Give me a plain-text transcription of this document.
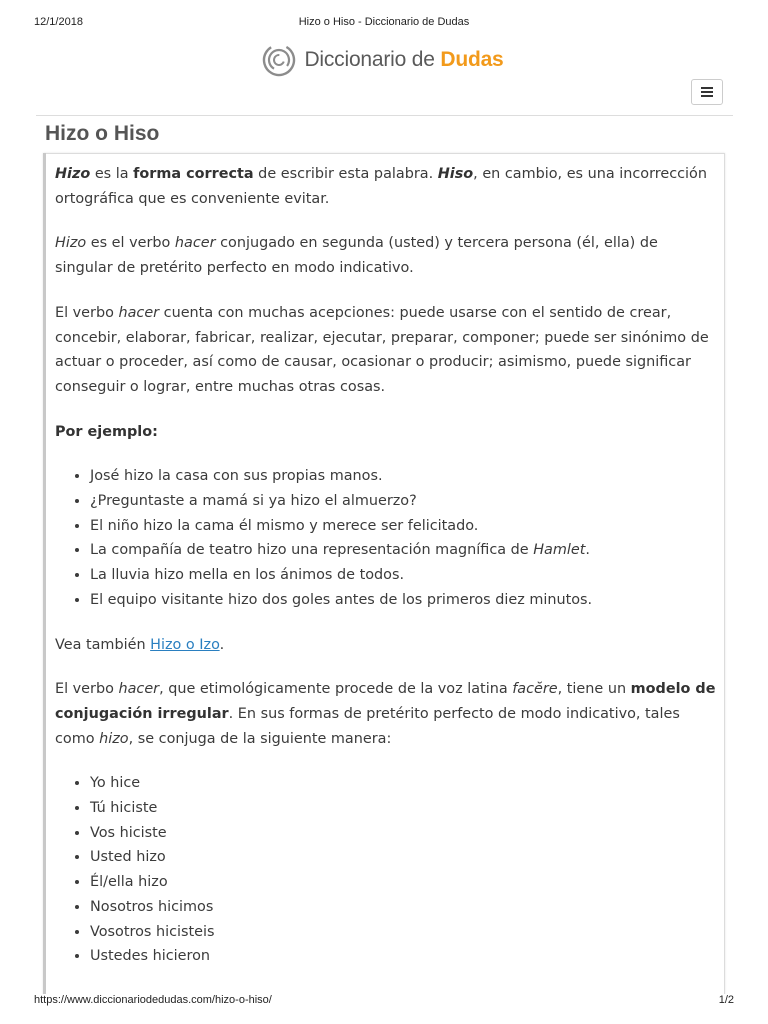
12/1/2018	Hizo o Hiso - Diccionario de Dudas
Diccionario de Dudas
Hizo o Hiso

Hizo es la forma correcta de escribir esta palabra. Hiso, en cambio, es una incorrección ortográfica que es conveniente evitar.

Hizo es el verbo hacer conjugado en segunda (usted) y tercera persona (él, ella) de singular de pretérito perfecto en modo indicativo.

El verbo hacer cuenta con muchas acepciones: puede usarse con el sentido de crear, concebir, elaborar, fabricar, realizar, ejecutar, preparar, componer; puede ser sinónimo de actuar o proceder, así como de causar, ocasionar o producir; asimismo, puede significar conseguir o lograr, entre muchas otras cosas.

Por ejemplo:

• José hizo la casa con sus propias manos.
• ¿Preguntaste a mamá si ya hizo el almuerzo?
• El niño hizo la cama él mismo y merece ser felicitado.
• La compañía de teatro hizo una representación magnífica de Hamlet.
• La lluvia hizo mella en los ánimos de todos.
• El equipo visitante hizo dos goles antes de los primeros diez minutos.

Vea también Hizo o Izo.

El verbo hacer, que etimológicamente procede de la voz latina facĕre, tiene un modelo de conjugación irregular. En sus formas de pretérito perfecto de modo indicativo, tales como hizo, se conjuga de la siguiente manera:

• Yo hice
• Tú hiciste
• Vos hiciste
• Usted hizo
• Él/ella hizo
• Nosotros hicimos
• Vosotros hicisteis
• Ustedes hicieron
https://www.diccionariodedudas.com/hizo-o-hiso/	1/2
